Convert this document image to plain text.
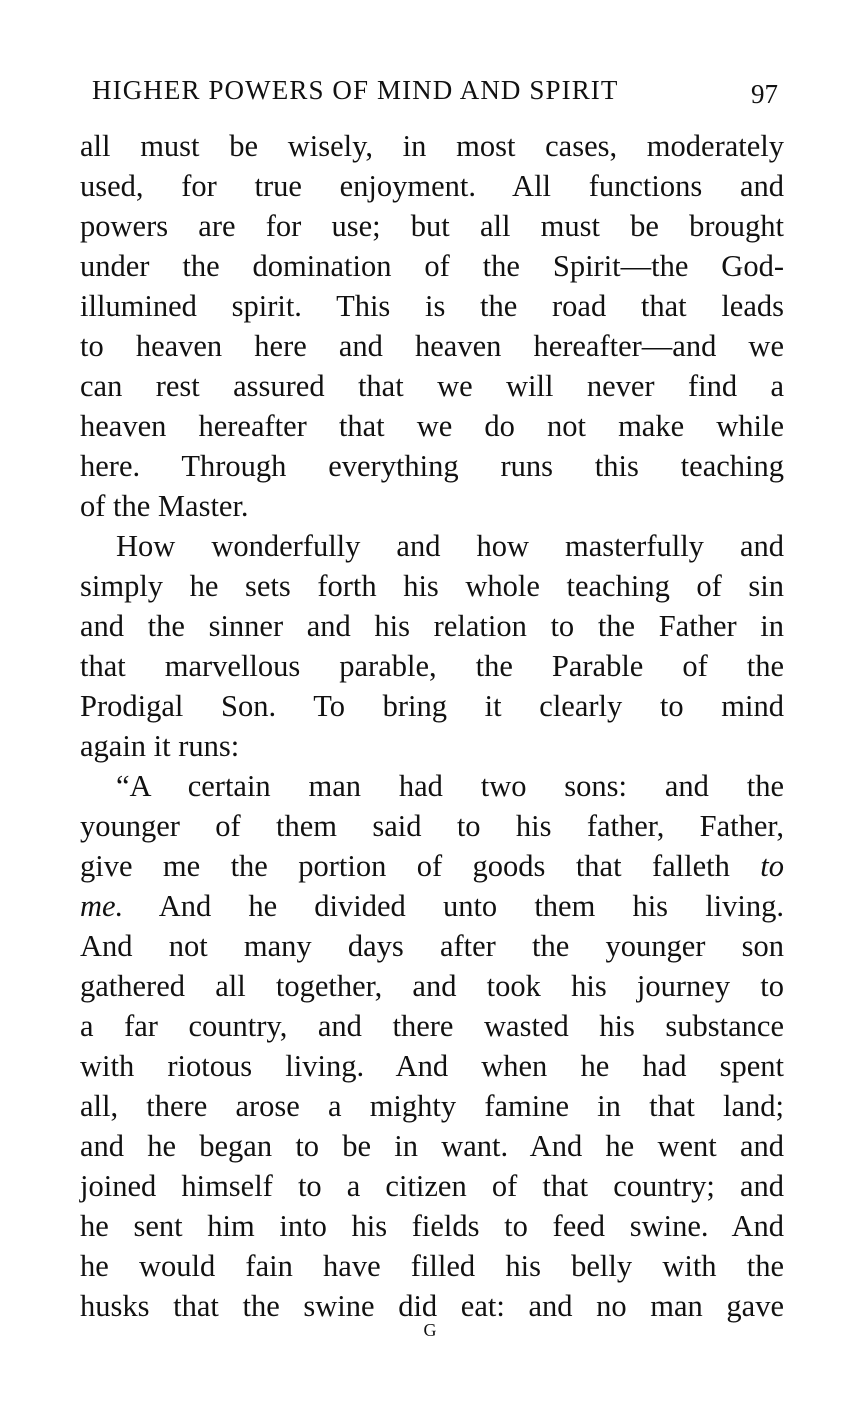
HIGHER POWERS OF MIND AND SPIRIT	97
all must be wisely, in most cases, moderately
used, for true enjoyment. All functions and
powers are for use; but all must be brought
under the domination of the Spirit—the God-
illumined spirit. This is the road that leads
to heaven here and heaven hereafter—and we
can rest assured that we will never find a
heaven hereafter that we do not make while
here. Through everything runs this teaching
of the Master.
How wonderfully and how masterfully and
simply he sets forth his whole teaching of sin
and the sinner and his relation to the Father in
that marvellous parable, the Parable of the
Prodigal Son. To bring it clearly to mind
again it runs:
“A certain man had two sons: and the
younger of them said to his father, Father,
give me the portion of goods that falleth to
me. And he divided unto them his living.
And not many days after the younger son
gathered all together, and took his journey to
a far country, and there wasted his substance
with riotous living. And when he had spent
all, there arose a mighty famine in that land;
and he began to be in want. And he went and
joined himself to a citizen of that country; and
he sent him into his fields to feed swine. And
he would fain have filled his belly with the
husks that the swine did eat: and no man gave
G
